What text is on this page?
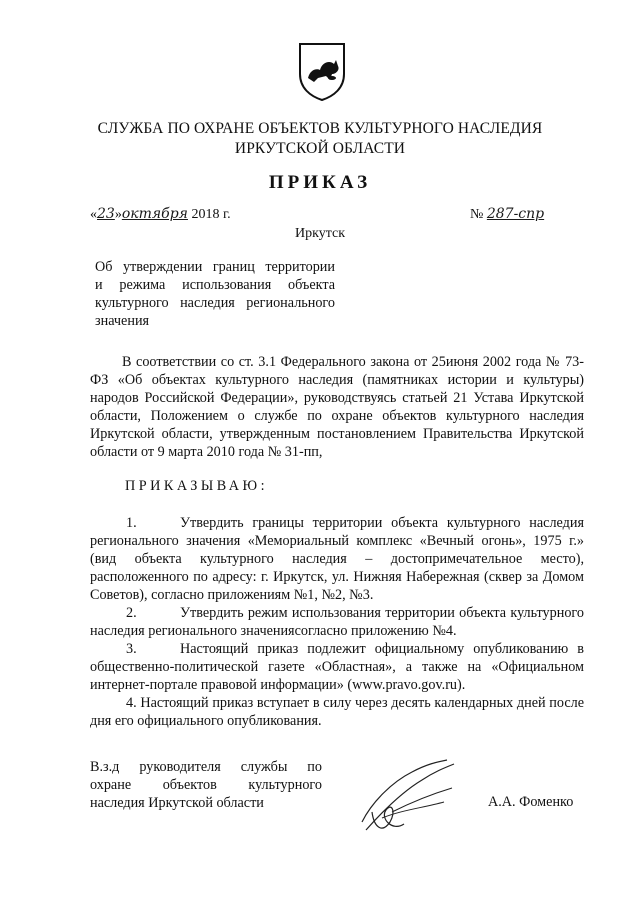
СЛУЖБА ПО ОХРАНЕ ОБЪЕКТОВ КУЛЬТУРНОГО НАСЛЕДИЯ
ИРКУТСКОЙ ОБЛАСТИ
ПРИКАЗ
«23»октября 2018 г.
Иркутск
№ 287-спр
Об утверждении границ территории
и режима использования объекта
культурного наследия регионального
значения
В соответствии со ст. 3.1 Федерального закона от 25июня 2002 года № 73-ФЗ «Об объектах культурного наследия (памятниках истории и культуры) народов Российской Федерации», руководствуясь статьей 21 Устава Иркутской области, Положением о службе по охране объектов культурного наследия Иркутской области, утвержденным постановлением Правительства Иркутской области от 9 марта 2010 года № 31-пп,
ПРИКАЗЫВАЮ:

1.	Утвердить границы территории объекта культурного наследия регионального значения «Мемориальный комплекс «Вечный огонь», 1975 г.» (вид объекта культурного наследия – достопримечательное место), расположенного по адресу: г. Иркутск, ул. Нижняя Набережная (сквер за Домом Советов), согласно приложениям №1, №2, №3.

2.	Утвердить режим использования территории объекта культурного наследия регионального значениясогласно приложению №4.

3.	Настоящий приказ подлежит официальному опубликованию в общественно-политической газете «Областная», а также на «Официальном интернет-портале правовой информации» (www.pravo.gov.ru).

4. Настоящий приказ вступает в силу через десять календарных дней после дня его официального опубликования.

В.з.д руководителя службы по
охране объектов культурного
наследия Иркутской области	А.А. Фоменко
